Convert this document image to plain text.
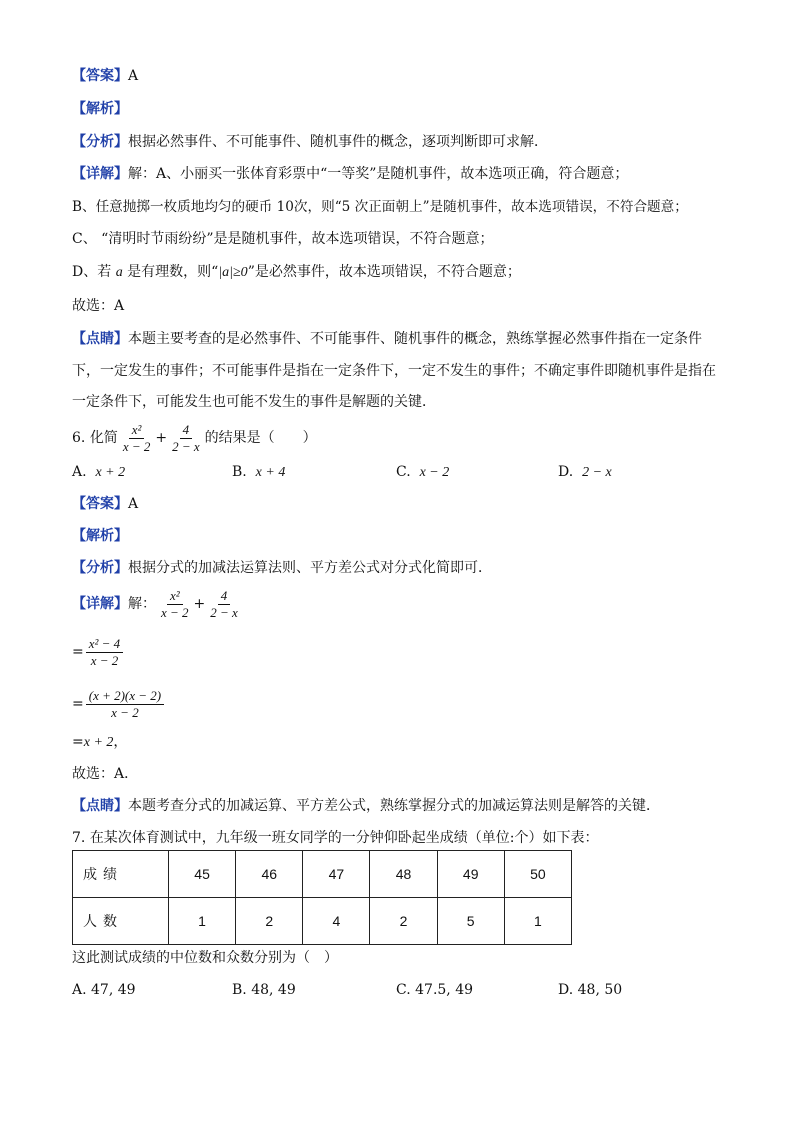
【答案】A
【解析】
【分析】根据必然事件、不可能事件、随机事件的概念，逐项判断即可求解．
【详解】解：A、小丽买一张体育彩票中“一等奖”是随机事件，故本选项正确，符合题意；
B、任意抛掷一枚质地均匀的硬币 10次，则“5 次正面朝上”是随机事件，故本选项错误，不符合题意；
C、 “清明时节雨纷纷”是是随机事件，故本选项错误，不符合题意；
D、若 a 是有理数，则“|a|≥0”是必然事件，故本选项错误，不符合题意；
故选：A
【点睛】本题主要考查的是必然事件、不可能事件、随机事件的概念，熟练掌握必然事件指在一定条件
下，一定发生的事件；不可能事件是指在一定条件下，一定不发生的事件；不确定事件即随机事件是指在
一定条件下，可能发生也可能不发生的事件是解题的关键．
6. 化简 $\frac{\text{x²}}{x - 2} + \frac{4}{2 - x}$ 的结果是（　　）
A. x + 2	B. x + 4	C. x − 2	D. 2 − x
【答案】A
【解析】
【分析】根据分式的加减法运算法则、平方差公式对分式化简即可．
【详解】解： $\frac{\text{x²}}{x - 2} + \frac{4}{2 - x}$
= $\frac{\text{x² − 4}}{x - 2}$
= $\frac{(x + 2)(x - 2)}{x - 2}$
=x + 2，
故选：A．
【点睛】本题考查分式的加减运算、平方差公式，熟练掌握分式的加减运算法则是解答的关键．
7. 在某次体育测试中，九年级一班女同学的一分钟仰卧起坐成绩（单位:个）如下表：
成绩	45	46	47	48	49	50
人数	1	2	4	2	5	1
这此测试成绩的中位数和众数分别为（　）
A. 47, 49	B. 48, 49	C. 47.5, 49	D. 48, 50
